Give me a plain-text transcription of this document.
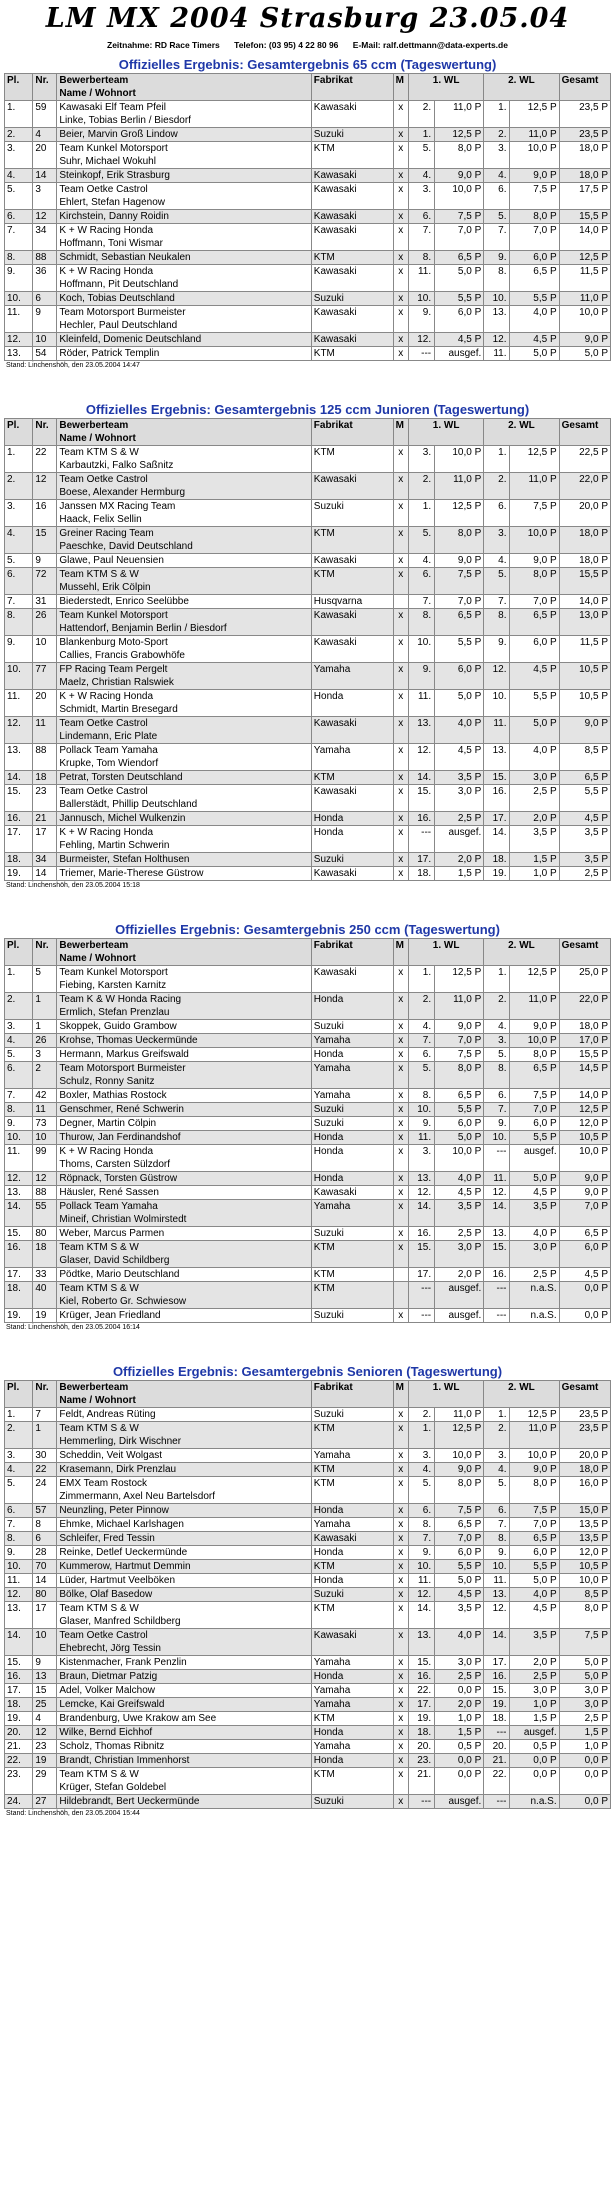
LM MX 2004 Strasburg 23.05.04
Zeitnahme: RD Race Timers Telefon: (03 95) 4 22 80 96 E-Mail: ralf.dettmann@data-experts.de
Offizielles Ergebnis: Gesamtergebnis 65 ccm (Tageswertung)
Pl.	Nr.	Bewerberteam
Name / Wohnort	Fabrikat	M	1. WL		2. WL		Gesamt

1.	59	Kawasaki Elf Team Pfeil
Linke, Tobias Berlin / Biesdorf	Kawasaki	x	2.	11,0 P	1.	12,5 P	23,5 P
2.	4	Beier, Marvin Groß Lindow	Suzuki	x	1.	12,5 P	2.	11,0 P	23,5 P
3.	20	Team Kunkel Motorsport
Suhr, Michael Wokuhl	KTM	x	5.	8,0 P	3.	10,0 P	18,0 P
4.	14	Steinkopf, Erik Strasburg	Kawasaki	x	4.	9,0 P	4.	9,0 P	18,0 P
5.	3	Team Oetke Castrol
Ehlert, Stefan Hagenow	Kawasaki	x	3.	10,0 P	6.	7,5 P	17,5 P
6.	12	Kirchstein, Danny Roidin	Kawasaki	x	6.	7,5 P	5.	8,0 P	15,5 P
7.	34	K + W Racing Honda
Hoffmann, Toni Wismar	Kawasaki	x	7.	7,0 P	7.	7,0 P	14,0 P
8.	88	Schmidt, Sebastian Neukalen	KTM	x	8.	6,5 P	9.	6,0 P	12,5 P
9.	36	K + W Racing Honda
Hoffmann, Pit Deutschland	Kawasaki	x	11.	5,0 P	8.	6,5 P	11,5 P
10.	6	Koch, Tobias Deutschland	Suzuki	x	10.	5,5 P	10.	5,5 P	11,0 P
11.	9	Team Motorsport Burmeister
Hechler, Paul Deutschland	Kawasaki	x	9.	6,0 P	13.	4,0 P	10,0 P
12.	10	Kleinfeld, Domenic Deutschland	Kawasaki	x	12.	4,5 P	12.	4,5 P	9,0 P
13.	54	Röder, Patrick Templin	KTM	x	---	ausgef.	11.	5,0 P	5,0 P
Stand: Linchenshöh, den 23.05.2004 14:47
Offizielles Ergebnis: Gesamtergebnis 125 ccm Junioren (Tageswertung)
Pl.	Nr.	Bewerberteam
Name / Wohnort	Fabrikat	M	1. WL		2. WL		Gesamt

1.	22	Team KTM S & W
Karbautzki, Falko Saßnitz	KTM	x	3.	10,0 P	1.	12,5 P	22,5 P
2.	12	Team Oetke Castrol
Boese, Alexander Hermburg	Kawasaki	x	2.	11,0 P	2.	11,0 P	22,0 P
3.	16	Janssen MX Racing Team
Haack, Felix Sellin	Suzuki	x	1.	12,5 P	6.	7,5 P	20,0 P
4.	15	Greiner Racing Team
Paeschke, David Deutschland	KTM	x	5.	8,0 P	3.	10,0 P	18,0 P
5.	9	Glawe, Paul Neuensien	Kawasaki	x	4.	9,0 P	4.	9,0 P	18,0 P
6.	72	Team KTM S & W
Mussehl, Erik Cölpin	KTM	x	6.	7,5 P	5.	8,0 P	15,5 P
7.	31	Biederstedt, Enrico Seelübbe	Husqvarna		7.	7,0 P	7.	7,0 P	14,0 P
8.	26	Team Kunkel Motorsport
Hattendorf, Benjamin Berlin / Biesdorf	Kawasaki	x	8.	6,5 P	8.	6,5 P	13,0 P
9.	10	Blankenburg Moto-Sport
Callies, Francis Grabowhöfe	Kawasaki	x	10.	5,5 P	9.	6,0 P	11,5 P
10.	77	FP Racing Team Pergelt
Maelz, Christian Ralswiek	Yamaha	x	9.	6,0 P	12.	4,5 P	10,5 P
11.	20	K + W Racing Honda
Schmidt, Martin Bresegard	Honda	x	11.	5,0 P	10.	5,5 P	10,5 P
12.	11	Team Oetke Castrol
Lindemann, Eric Plate	Kawasaki	x	13.	4,0 P	11.	5,0 P	9,0 P
13.	88	Pollack Team Yamaha
Krupke, Tom Wiendorf	Yamaha	x	12.	4,5 P	13.	4,0 P	8,5 P
14.	18	Petrat, Torsten Deutschland	KTM	x	14.	3,5 P	15.	3,0 P	6,5 P
15.	23	Team Oetke Castrol
Ballerstädt, Phillip Deutschland	Kawasaki	x	15.	3,0 P	16.	2,5 P	5,5 P
16.	21	Jannusch, Michel Wulkenzin	Honda	x	16.	2,5 P	17.	2,0 P	4,5 P
17.	17	K + W Racing Honda
Fehling, Martin Schwerin	Honda	x	---	ausgef.	14.	3,5 P	3,5 P
18.	34	Burmeister, Stefan Holthusen	Suzuki	x	17.	2,0 P	18.	1,5 P	3,5 P
19.	14	Triemer, Marie-Therese Güstrow	Kawasaki	x	18.	1,5 P	19.	1,0 P	2,5 P
Stand: Linchenshöh, den 23.05.2004 15:18
Offizielles Ergebnis: Gesamtergebnis 250 ccm (Tageswertung)
Pl.	Nr.	Bewerberteam
Name / Wohnort	Fabrikat	M	1. WL		2. WL		Gesamt

1.	5	Team Kunkel Motorsport
Fiebing, Karsten Karnitz	Kawasaki	x	1.	12,5 P	1.	12,5 P	25,0 P
2.	1	Team K & W Honda Racing
Ermlich, Stefan Prenzlau	Honda	x	2.	11,0 P	2.	11,0 P	22,0 P
3.	1	Skoppek, Guido Grambow	Suzuki	x	4.	9,0 P	4.	9,0 P	18,0 P
4.	26	Krohse, Thomas Ueckermünde	Yamaha	x	7.	7,0 P	3.	10,0 P	17,0 P
5.	3	Hermann, Markus Greifswald	Honda	x	6.	7,5 P	5.	8,0 P	15,5 P
6.	2	Team Motorsport Burmeister
Schulz, Ronny Sanitz	Yamaha	x	5.	8,0 P	8.	6,5 P	14,5 P
7.	42	Boxler, Mathias Rostock	Yamaha	x	8.	6,5 P	6.	7,5 P	14,0 P
8.	11	Genschmer, René Schwerin	Suzuki	x	10.	5,5 P	7.	7,0 P	12,5 P
9.	73	Degner, Martin Cölpin	Suzuki	x	9.	6,0 P	9.	6,0 P	12,0 P
10.	10	Thurow, Jan Ferdinandshof	Honda	x	11.	5,0 P	10.	5,5 P	10,5 P
11.	99	K + W Racing Honda
Thoms, Carsten Sülzdorf	Honda	x	3.	10,0 P	---	ausgef.	10,0 P
12.	12	Röpnack, Torsten Güstrow	Honda	x	13.	4,0 P	11.	5,0 P	9,0 P
13.	88	Häusler, René Sassen	Kawasaki	x	12.	4,5 P	12.	4,5 P	9,0 P
14.	55	Pollack Team Yamaha
Mineif, Christian Wolmirstedt	Yamaha	x	14.	3,5 P	14.	3,5 P	7,0 P
15.	80	Weber, Marcus Parmen	Suzuki	x	16.	2,5 P	13.	4,0 P	6,5 P
16.	18	Team KTM S & W
Glaser, David Schildberg	KTM	x	15.	3,0 P	15.	3,0 P	6,0 P
17.	33	Pödtke, Mario Deutschland	KTM		17.	2,0 P	16.	2,5 P	4,5 P
18.	40	Team KTM S & W
Kiel, Roberto Gr. Schwiesow	KTM		---	ausgef.	---	n.a.S.	0,0 P
19.	19	Krüger, Jean Friedland	Suzuki	x	---	ausgef.	---	n.a.S.	0,0 P
Stand: Linchenshöh, den 23.05.2004 16:14
Offizielles Ergebnis: Gesamtergebnis Senioren (Tageswertung)
Pl.	Nr.	Bewerberteam
Name / Wohnort	Fabrikat	M	1. WL		2. WL		Gesamt

1.	7	Feldt, Andreas Rüting	Suzuki	x	2.	11,0 P	1.	12,5 P	23,5 P
2.	1	Team KTM S & W
Hemmerling, Dirk Wischner	KTM	x	1.	12,5 P	2.	11,0 P	23,5 P
3.	30	Scheddin, Veit Wolgast	Yamaha	x	3.	10,0 P	3.	10,0 P	20,0 P
4.	22	Krasemann, Dirk Prenzlau	KTM	x	4.	9,0 P	4.	9,0 P	18,0 P
5.	24	EMX Team Rostock
Zimmermann, Axel Neu Bartelsdorf	KTM	x	5.	8,0 P	5.	8,0 P	16,0 P
6.	57	Neunzling, Peter Pinnow	Honda	x	6.	7,5 P	6.	7,5 P	15,0 P
7.	8	Ehmke, Michael Karlshagen	Yamaha	x	8.	6,5 P	7.	7,0 P	13,5 P
8.	6	Schleifer, Fred Tessin	Kawasaki	x	7.	7,0 P	8.	6,5 P	13,5 P
9.	28	Reinke, Detlef Ueckermünde	Honda	x	9.	6,0 P	9.	6,0 P	12,0 P
10.	70	Kummerow, Hartmut Demmin	KTM	x	10.	5,5 P	10.	5,5 P	10,5 P
11.	14	Lüder, Hartmut Veelböken	Honda	x	11.	5,0 P	11.	5,0 P	10,0 P
12.	80	Bölke, Olaf Basedow	Suzuki	x	12.	4,5 P	13.	4,0 P	8,5 P
13.	17	Team KTM S & W
Glaser, Manfred Schildberg	KTM	x	14.	3,5 P	12.	4,5 P	8,0 P
14.	10	Team Oetke Castrol
Ehebrecht, Jörg Tessin	Kawasaki	x	13.	4,0 P	14.	3,5 P	7,5 P
15.	9	Kistenmacher, Frank Penzlin	Yamaha	x	15.	3,0 P	17.	2,0 P	5,0 P
16.	13	Braun, Dietmar Patzig	Honda	x	16.	2,5 P	16.	2,5 P	5,0 P
17.	15	Adel, Volker Malchow	Yamaha	x	22.	0,0 P	15.	3,0 P	3,0 P
18.	25	Lemcke, Kai Greifswald	Yamaha	x	17.	2,0 P	19.	1,0 P	3,0 P
19.	4	Brandenburg, Uwe Krakow am See	KTM	x	19.	1,0 P	18.	1,5 P	2,5 P
20.	12	Wilke, Bernd Eichhof	Honda	x	18.	1,5 P	---	ausgef.	1,5 P
21.	23	Scholz, Thomas Ribnitz	Yamaha	x	20.	0,5 P	20.	0,5 P	1,0 P
22.	19	Brandt, Christian Immenhorst	Honda	x	23.	0,0 P	21.	0,0 P	0,0 P
23.	29	Team KTM S & W
Krüger, Stefan Goldebel	KTM	x	21.	0,0 P	22.	0,0 P	0,0 P
24.	27	Hildebrandt, Bert Ueckermünde	Suzuki	x	---	ausgef.	---	n.a.S.	0,0 P
Stand: Linchenshöh, den 23.05.2004 15:44
